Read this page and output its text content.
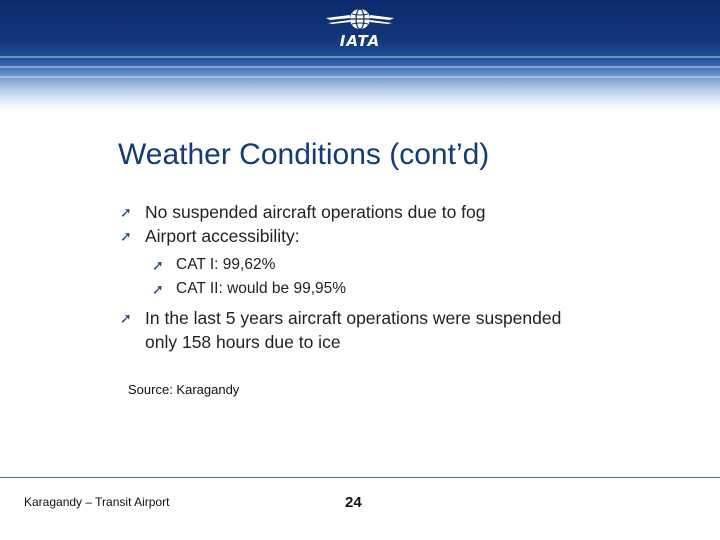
IATA
Weather Conditions (cont’d)
➚ No suspended aircraft operations due to fog
➚ Airport accessibility:
➚ CAT I: 99,62%
➚ CAT II: would be 99,95%
➚ In the last 5 years aircraft operations were suspended
only 158 hours due to ice
Source: Karagandy
Karagandy – Transit Airport	24
